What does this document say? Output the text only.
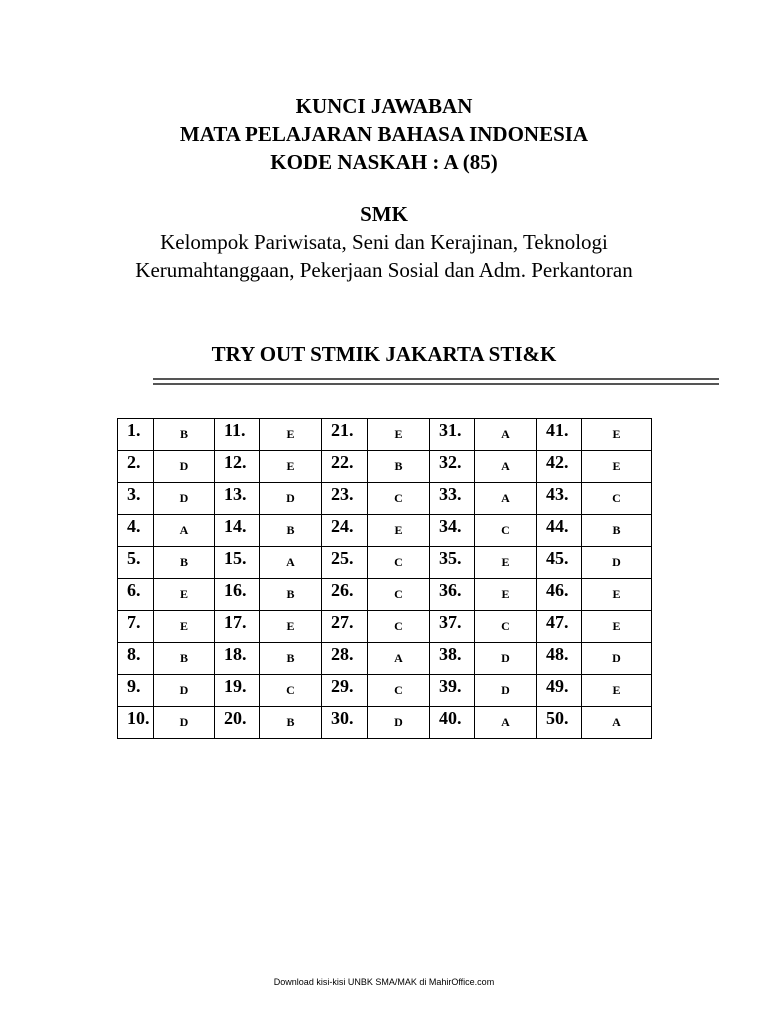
KUNCI JAWABAN
MATA PELAJARAN BAHASA INDONESIA
KODE NASKAH : A (85)
SMK
Kelompok Pariwisata, Seni dan Kerajinan, Teknologi
Kerumahtanggaan, Pekerjaan Sosial dan Adm. Perkantoran
TRY OUT STMIK JAKARTA STI&K
1.	B	11.	E	21.	E	31.	A	41.	E
2.	D	12.	E	22.	B	32.	A	42.	E
3.	D	13.	D	23.	C	33.	A	43.	C
4.	A	14.	B	24.	E	34.	C	44.	B
5.	B	15.	A	25.	C	35.	E	45.	D
6.	E	16.	B	26.	C	36.	E	46.	E
7.	E	17.	E	27.	C	37.	C	47.	E
8.	B	18.	B	28.	A	38.	D	48.	D
9.	D	19.	C	29.	C	39.	D	49.	E
10.	D	20.	B	30.	D	40.	A	50.	A
Download kisi-kisi UNBK SMA/MAK di MahirOffice.com
